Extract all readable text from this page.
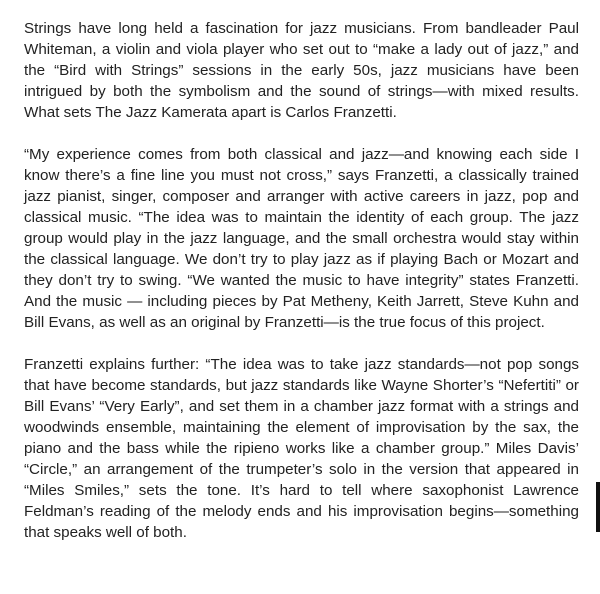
Strings have long held a fascination for jazz musicians. From bandleader Paul Whiteman, a violin and viola player who set out to “make a lady out of jazz,” and the “Bird with Strings” sessions in the early 50s, jazz musicians have been intrigued by both the symbolism and the sound of strings—with mixed results. What sets The Jazz Kamerata apart is Carlos Franzetti.

“My experience comes from both classical and jazz—and knowing each side I know there’s a fine line you must not cross,” says Franzetti, a classically trained jazz pianist, singer, composer and arranger with active careers in jazz, pop and classical music. “The idea was to maintain the identity of each group. The jazz group would play in the jazz language, and the small orchestra would stay within the classical language. We don’t try to play jazz as if playing Bach or Mozart and they don’t try to swing. “We wanted the music to have integrity” states Franzetti. And the music — including pieces by Pat Metheny, Keith Jarrett, Steve Kuhn and Bill Evans, as well as an original by Franzetti—is the true focus of this project.

Franzetti explains further: “The idea was to take jazz standards—not pop songs that have become standards, but jazz standards like Wayne Shorter’s “Nefertiti” or Bill Evans’ “Very Early”, and set them in a chamber jazz format with a strings and woodwinds ensemble, maintaining the element of improvisation by the sax, the piano and the bass while the ripieno works like a chamber group.” Miles Davis’ “Circle,” an arrangement of the trumpeter’s solo in the version that appeared in “Miles Smiles,” sets the tone. It’s hard to tell where saxophonist Lawrence Feldman’s reading of the melody ends and his improvisation begins—something that speaks well of both.
